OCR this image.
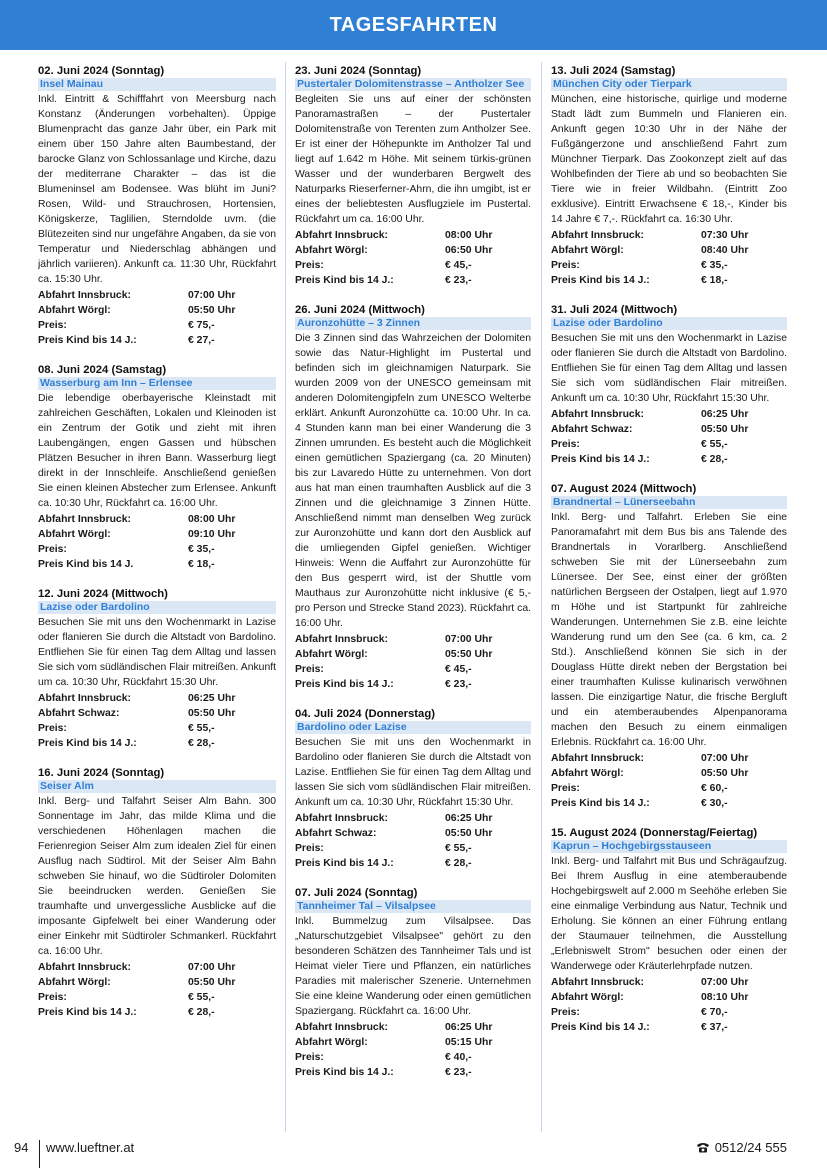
TAGESFAHRTEN
02. Juni 2024 (Sonntag)
Insel Mainau
Inkl. Eintritt & Schifffahrt von Meersburg nach Konstanz (Änderungen vorbehalten). Üppige Blumenpracht das ganze Jahr über, ein Park mit einem über 150 Jahre alten Baumbestand, der barocke Glanz von Schlossanlage und Kirche, dazu der mediterrane Charakter – das ist die Blumeninsel am Bodensee. Was blüht im Juni? Rosen, Wild- und Strauchrosen, Hortensien, Königskerze, Taglilien, Sterndolde uvm. (die Blütezeiten sind nur ungefähre Angaben, da sie von Temperatur und Niederschlag abhängen und jährlich variieren). Ankunft ca. 11:30 Uhr, Rückfahrt ca. 15:30 Uhr.
Abfahrt Innsbruck:	07:00 Uhr
Abfahrt Wörgl:	05:50 Uhr
Preis:	€ 75,-
Preis Kind bis 14 J.:	€ 27,-
08. Juni 2024 (Samstag)
Wasserburg am Inn – Erlensee
Die lebendige oberbayerische Kleinstadt mit zahlreichen Geschäften, Lokalen und Kleinoden ist ein Zentrum der Gotik und zieht mit ihren Laubengängen, engen Gassen und hübschen Plätzen Besucher in ihren Bann. Wasserburg liegt direkt in der Innschleife. Anschließend genießen Sie einen kleinen Abstecher zum Erlensee. Ankunft ca. 10:30 Uhr, Rückfahrt ca. 16:00 Uhr.
Abfahrt Innsbruck:	08:00 Uhr
Abfahrt Wörgl:	09:10 Uhr
Preis:	€ 35,-
Preis Kind bis 14 J.	€ 18,-
12. Juni 2024 (Mittwoch)
Lazise oder Bardolino
Besuchen Sie mit uns den Wochenmarkt in Lazise oder flanieren Sie durch die Altstadt von Bardolino. Entfliehen Sie für einen Tag dem Alltag und lassen Sie sich vom südländischen Flair mitreißen. Ankunft um ca. 10:30 Uhr, Rückfahrt 15:30 Uhr.
Abfahrt Innsbruck:	06:25 Uhr
Abfahrt Schwaz:	05:50 Uhr
Preis:	€ 55,-
Preis Kind bis 14 J.:	€ 28,-
16. Juni 2024 (Sonntag)
Seiser Alm
Inkl. Berg- und Talfahrt Seiser Alm Bahn. 300 Sonnentage im Jahr, das milde Klima und die verschiedenen Höhenlagen machen die Ferienregion Seiser Alm zum idealen Ziel für einen Ausflug nach Südtirol. Mit der Seiser Alm Bahn schweben Sie hinauf, wo die Südtiroler Dolomiten Sie beeindrucken werden. Genießen Sie traumhafte und unvergessliche Ausblicke auf die imposante Gipfelwelt bei einer Wanderung oder einer Einkehr mit Südtiroler Schmankerl. Rückfahrt ca. 16:00 Uhr.
Abfahrt Innsbruck:	07:00 Uhr
Abfahrt Wörgl:	05:50 Uhr
Preis:	€ 55,-
Preis Kind bis 14 J.:	€ 28,-
23. Juni 2024 (Sonntag)
Pustertaler Dolomitenstrasse – Antholzer See
Begleiten Sie uns auf einer der schönsten Panoramastraßen – der Pustertaler Dolomitenstraße von Terenten zum Antholzer See. Er ist einer der Höhepunkte im Antholzer Tal und liegt auf 1.642 m Höhe. Mit seinem türkis-grünen Wasser und der wunderbaren Bergwelt des Naturparks Rieserferner-Ahrn, die ihn umgibt, ist er eines der beliebtesten Ausflugziele im Pustertal. Rückfahrt um ca. 16:00 Uhr.
Abfahrt Innsbruck:	08:00 Uhr
Abfahrt Wörgl:	06:50 Uhr
Preis:	€ 45,-
Preis Kind bis 14 J.:	€ 23,-
26. Juni 2024 (Mittwoch)
Auronzohütte – 3 Zinnen
Die 3 Zinnen sind das Wahrzeichen der Dolomiten sowie das Natur-Highlight im Pustertal und befinden sich im gleichnamigen Naturpark. Sie wurden 2009 von der UNESCO gemeinsam mit anderen Dolomitengipfeln zum UNESCO Welterbe erklärt. Ankunft Auronzohütte ca. 10:00 Uhr. In ca. 4 Stunden kann man bei einer Wanderung die 3 Zinnen umrunden. Es besteht auch die Möglichkeit einen gemütlichen Spaziergang (ca. 20 Minuten) bis zur Lavaredo Hütte zu unternehmen. Von dort aus hat man einen traumhaften Ausblick auf die 3 Zinnen und die gleichnamige 3 Zinnen Hütte. Anschließend nimmt man denselben Weg zurück zur Auronzohütte und kann dort den Ausblick auf die umliegenden Gipfel genießen. Wichtiger Hinweis: Wenn die Auffahrt zur Auronzohütte für den Bus gesperrt wird, ist der Shuttle vom Mauthaus zur Auronzohütte nicht inklusive (€ 5,- pro Person und Strecke Stand 2023). Rückfahrt ca. 16:00 Uhr.
Abfahrt Innsbruck:	07:00 Uhr
Abfahrt Wörgl:	05:50 Uhr
Preis:	€ 45,-
Preis Kind bis 14 J.:	€ 23,-
04. Juli 2024 (Donnerstag)
Bardolino oder Lazise
Besuchen Sie mit uns den Wochenmarkt in Bardolino oder flanieren Sie durch die Altstadt von Lazise. Entfliehen Sie für einen Tag dem Alltag und lassen Sie sich vom südländischen Flair mitreißen. Ankunft um ca. 10:30 Uhr, Rückfahrt 15:30 Uhr.
Abfahrt Innsbruck:	06:25 Uhr
Abfahrt Schwaz:	05:50 Uhr
Preis:	€ 55,-
Preis Kind bis 14 J.:	€ 28,-
07. Juli 2024 (Sonntag)
Tannheimer Tal – Vilsalpsee
Inkl. Bummelzug zum Vilsalpsee. Das „Naturschutzgebiet Vilsalpsee" gehört zu den besonderen Schätzen des Tannheimer Tals und ist Heimat vieler Tiere und Pflanzen, ein natürliches Paradies mit malerischer Szenerie. Unternehmen Sie eine kleine Wanderung oder einen gemütlichen Spaziergang. Rückfahrt ca. 16:00 Uhr.
Abfahrt Innsbruck:	06:25 Uhr
Abfahrt Wörgl:	05:15 Uhr
Preis:	€ 40,-
Preis Kind bis 14 J.:	€ 23,-
13. Juli 2024 (Samstag)
München City oder Tierpark
München, eine historische, quirlige und moderne Stadt lädt zum Bummeln und Flanieren ein. Ankunft gegen 10:30 Uhr in der Nähe der Fußgängerzone und anschließend Fahrt zum Münchner Tierpark. Das Zookonzept zielt auf das Wohlbefinden der Tiere ab und so beobachten Sie Tiere wie in freier Wildbahn. (Eintritt Zoo exklusive). Eintritt Erwachsene € 18,-, Kinder bis 14 Jahre € 7,-. Rückfahrt ca. 16:30 Uhr.
Abfahrt Innsbruck:	07:30 Uhr
Abfahrt Wörgl:	08:40 Uhr
Preis:	€ 35,-
Preis Kind bis 14 J.:	€ 18,-
31. Juli 2024 (Mittwoch)
Lazise oder Bardolino
Besuchen Sie mit uns den Wochenmarkt in Lazise oder flanieren Sie durch die Altstadt von Bardolino. Entfliehen Sie für einen Tag dem Alltag und lassen Sie sich vom südländischen Flair mitreißen. Ankunft um ca. 10:30 Uhr, Rückfahrt 15:30 Uhr.
Abfahrt Innsbruck:	06:25 Uhr
Abfahrt Schwaz:	05:50 Uhr
Preis:	€ 55,-
Preis Kind bis 14 J.:	€ 28,-
07. August 2024 (Mittwoch)
Brandnertal – Lünerseebahn
Inkl. Berg- und Talfahrt. Erleben Sie eine Panoramafahrt mit dem Bus bis ans Talende des Brandnertals in Vorarlberg. Anschließend schweben Sie mit der Lünerseebahn zum Lünersee. Der See, einst einer der größten natürlichen Bergseen der Ostalpen, liegt auf 1.970 m Höhe und ist Startpunkt für zahlreiche Wanderungen. Unternehmen Sie z.B. eine leichte Wanderung rund um den See (ca. 6 km, ca. 2 Std.). Anschließend können Sie sich in der Douglass Hütte direkt neben der Bergstation bei einer traumhaften Kulisse kulinarisch verwöhnen lassen. Die einzigartige Natur, die frische Bergluft und ein atemberaubendes Alpenpanorama machen den Besuch zu einem einmaligen Erlebnis. Rückfahrt ca. 16:00 Uhr.
Abfahrt Innsbruck:	07:00 Uhr
Abfahrt Wörgl:	05:50 Uhr
Preis:	€ 60,-
Preis Kind bis 14 J.:	€ 30,-
15. August 2024 (Donnerstag/Feiertag)
Kaprun – Hochgebirgsstauseen
Inkl. Berg- und Talfahrt mit Bus und Schrägaufzug. Bei Ihrem Ausflug in eine atemberaubende Hochgebirgswelt auf 2.000 m Seehöhe erleben Sie eine einmalige Verbindung aus Natur, Technik und Erholung. Sie können an einer Führung entlang der Staumauer teilnehmen, die Ausstellung „Erlebniswelt Strom" besuchen oder einen der Wanderwege oder Kräuterlehrpfade nutzen.
Abfahrt Innsbruck:	07:00 Uhr
Abfahrt Wörgl:	08:10 Uhr
Preis:	€ 70,-
Preis Kind bis 14 J.:	€ 37,-
94 www.lueftner.at	0512/24 555
